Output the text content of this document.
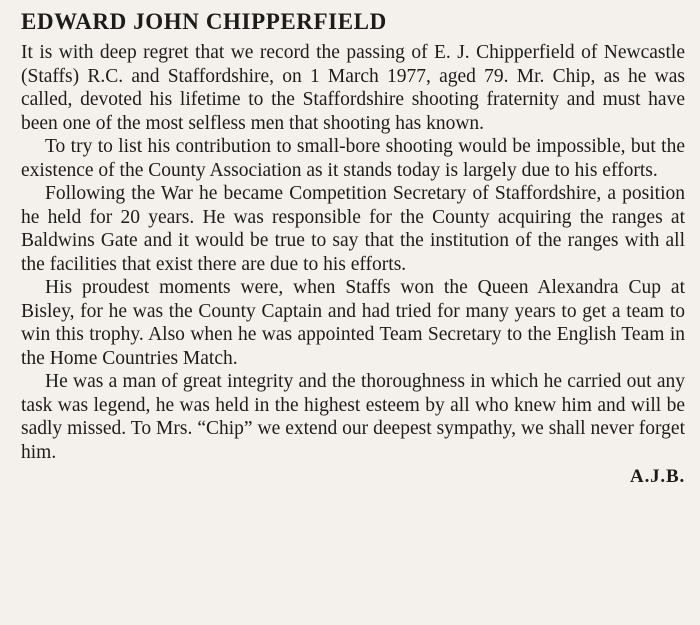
EDWARD JOHN CHIPPERFIELD

It is with deep regret that we record the passing of E. J. Chipperfield of Newcastle (Staffs) R.C. and Staffordshire, on 1 March 1977, aged 79. Mr. Chip, as he was called, devoted his lifetime to the Staffordshire shooting fraternity and must have been one of the most selfless men that shooting has known.

To try to list his contribution to small-bore shooting would be impossible, but the existence of the County Association as it stands today is largely due to his efforts.

Following the War he became Competition Secretary of Staffordshire, a position he held for 20 years. He was responsible for the County acquiring the ranges at Baldwins Gate and it would be true to say that the institution of the ranges with all the facilities that exist there are due to his efforts.

His proudest moments were, when Staffs won the Queen Alexandra Cup at Bisley, for he was the County Captain and had tried for many years to get a team to win this trophy. Also when he was appointed Team Secretary to the English Team in the Home Countries Match.

He was a man of great integrity and the thoroughness in which he carried out any task was legend, he was held in the highest esteem by all who knew him and will be sadly missed. To Mrs. “Chip” we extend our deepest sympathy, we shall never forget him.

A.J.B.
